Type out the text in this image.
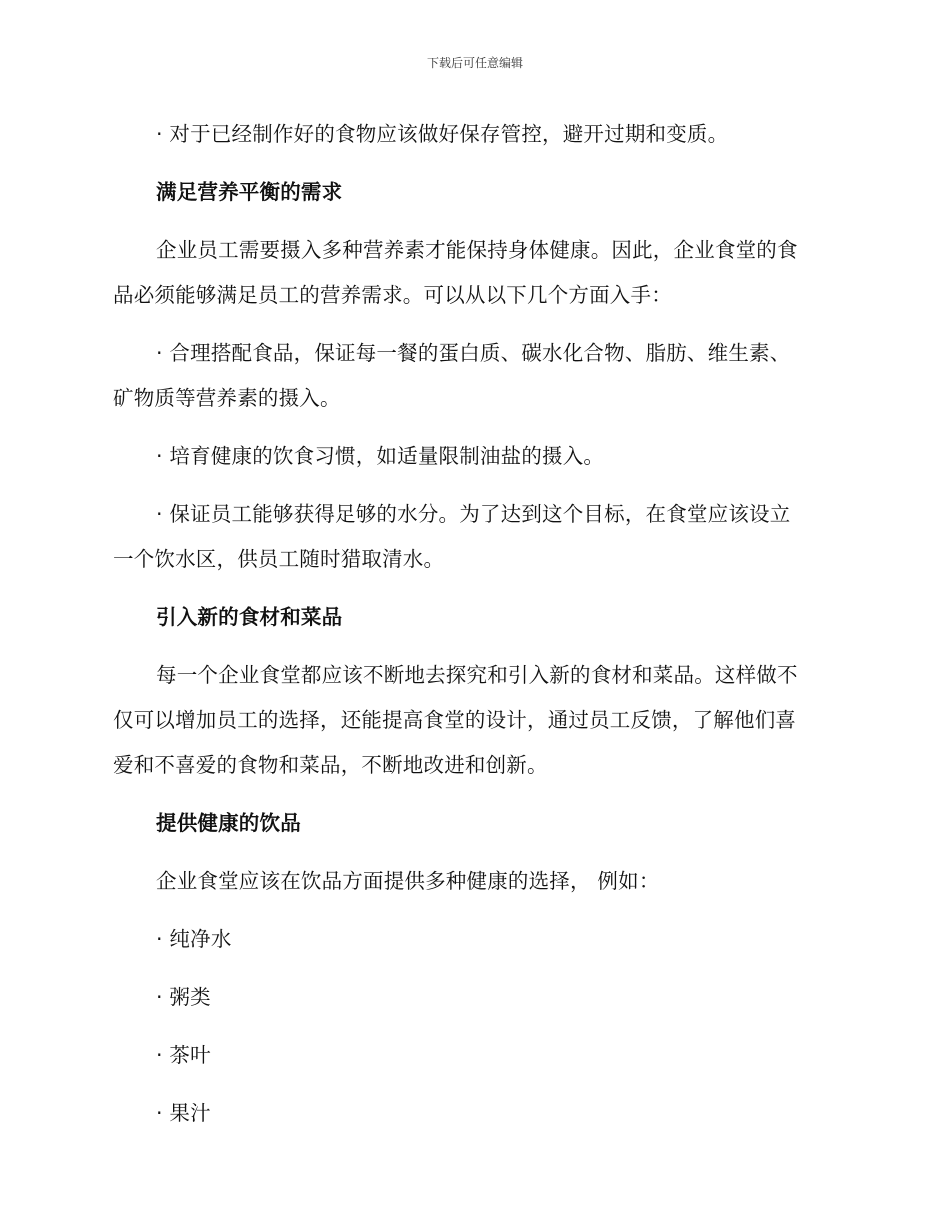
下载后可任意编辑

· 对于已经制作好的食物应该做好保存管控，避开过期和变质。

满足营养平衡的需求

企业员工需要摄入多种营养素才能保持身体健康。因此，企业食堂的食
品必须能够满足员工的营养需求。可以从以下几个方面入手：

· 合理搭配食品，保证每一餐的蛋白质、碳水化合物、脂肪、维生素、
矿物质等营养素的摄入。

· 培育健康的饮食习惯，如适量限制油盐的摄入。

· 保证员工能够获得足够的水分。为了达到这个目标，在食堂应该设立
一个饮水区，供员工随时猎取清水。

引入新的食材和菜品

每一个企业食堂都应该不断地去探究和引入新的食材和菜品。这样做不
仅可以增加员工的选择，还能提高食堂的设计，通过员工反馈，了解他们喜
爱和不喜爱的食物和菜品，不断地改进和创新。

提供健康的饮品

企业食堂应该在饮品方面提供多种健康的选择， 例如：

· 纯净水

· 粥类

· 茶叶

· 果汁
